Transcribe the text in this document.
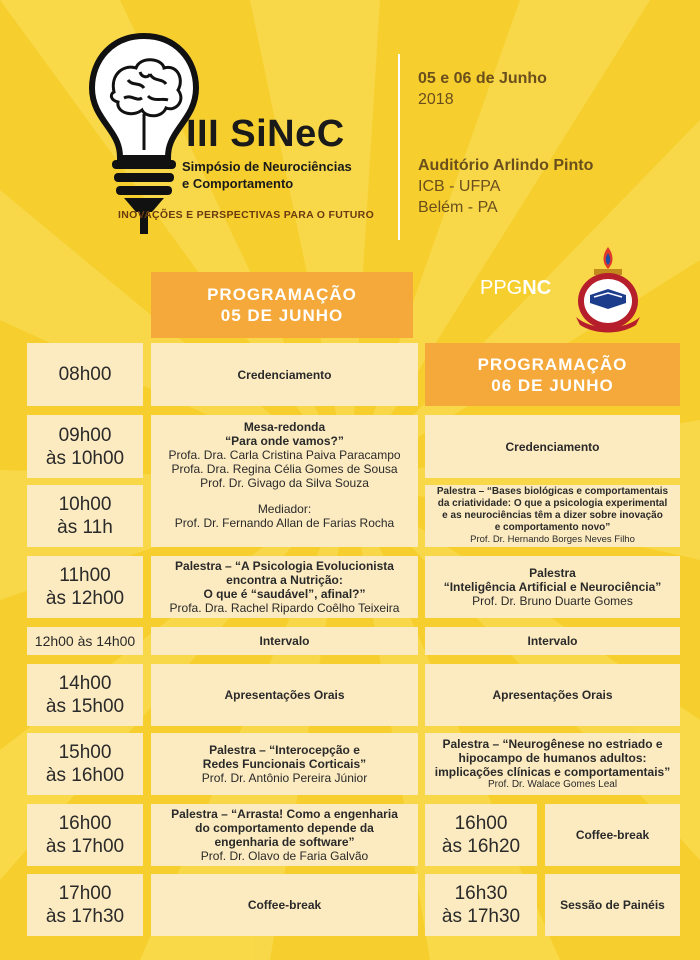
III SiNeC
Simpósio de Neurociências
e Comportamento
INOVAÇÕES E PERSPECTIVAS PARA O FUTURO
05 e 06 de Junho
2018
Auditório Arlindo Pinto
ICB - UFPA
Belém - PA
PPGNC
PROGRAMAÇÃO
05 DE JUNHO
PROGRAMAÇÃO
06 DE JUNHO
08h00
09h00
às 10h00
10h00
às 11h
11h00
às 12h00
12h00 às 14h00
14h00
às 15h00
15h00
às 16h00
16h00
às 17h00
17h00
às 17h30
Credenciamento
Mesa-redonda
“Para onde vamos?”
Profa. Dra. Carla Cristina Paiva Paracampo
Profa. Dra. Regina Célia Gomes de Sousa
Prof. Dr. Givago da Silva Souza
Mediador:
Prof. Dr. Fernando Allan de Farias Rocha
Palestra – “A Psicologia Evolucionista
encontra a Nutrição:
O que é “saudável”, afinal?”
Profa. Dra. Rachel Ripardo Coêlho Teixeira
Intervalo
Apresentações Orais
Palestra – “Interocepção e
Redes Funcionais Corticais”
Prof. Dr. Antônio Pereira Júnior
Palestra – “Arrasta! Como a engenharia
do comportamento depende da
engenharia de software”
Prof. Dr. Olavo de Faria Galvão
Coffee-break
Credenciamento
Palestra – “Bases biológicas e comportamentais
da criatividade: O que a psicologia experimental
e as neurociências têm a dizer sobre inovação
e comportamento novo”
Prof. Dr. Hernando Borges Neves Filho
Palestra
“Inteligência Artificial e Neurociência”
Prof. Dr. Bruno Duarte Gomes
Intervalo
Apresentações Orais
Palestra – “Neurogênese no estriado e
hipocampo de humanos adultos:
implicações clínicas e comportamentais”
Prof. Dr. Walace Gomes Leal
16h00
às 16h20
Coffee-break
16h30
às 17h30
Sessão de Painéis
